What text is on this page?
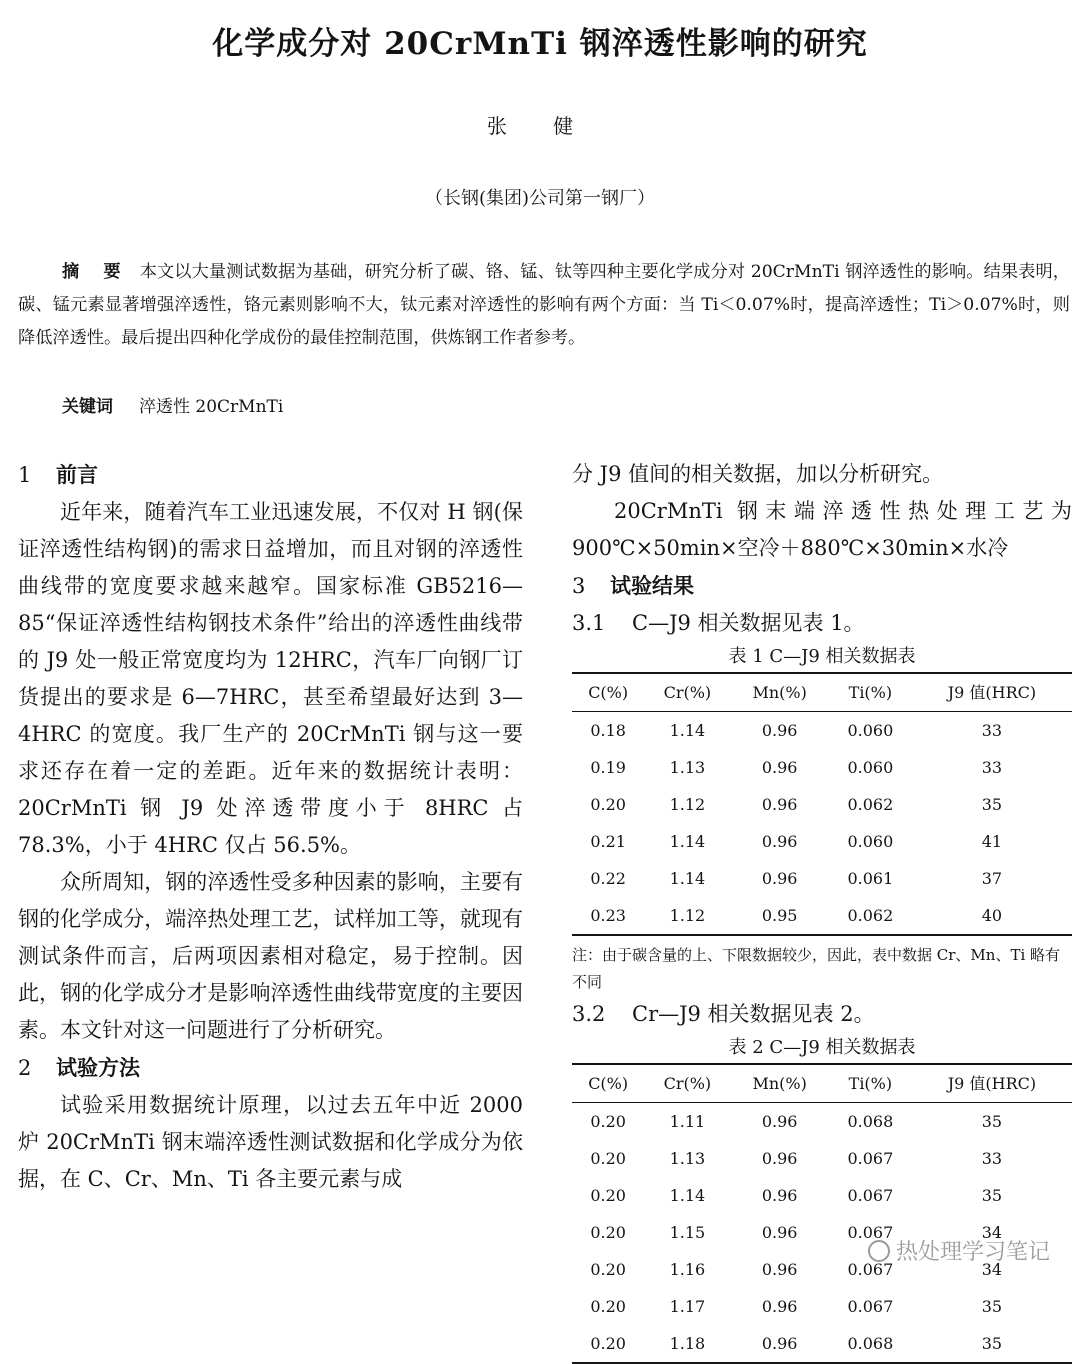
化学成分对 20CrMnTi 钢淬透性影响的研究
张 健
（长钢(集团)公司第一钢厂）
摘 要 本文以大量测试数据为基础，研究分析了碳、铬、锰、钛等四种主要化学成分对 20CrMnTi 钢淬透性的影响。结果表明，碳、锰元素显著增强淬透性，铬元素则影响不大，钛元素对淬透性的影响有两个方面：当 Ti＜0.07%时，提高淬透性；Ti＞0.07%时，则降低淬透性。最后提出四种化学成份的最佳控制范围，供炼钢工作者参考。
关键词 淬透性 20CrMnTi

1 前言

近年来，随着汽车工业迅速发展，不仅对 H 钢(保证淬透性结构钢)的需求日益增加，而且对钢的淬透性曲线带的宽度要求越来越窄。国家标准 GB5216—85“保证淬透性结构钢技术条件”给出的淬透性曲线带的 J9 处一般正常宽度均为 12HRC，汽车厂向钢厂订货提出的要求是 6—7HRC，甚至希望最好达到 3—4HRC 的宽度。我厂生产的 20CrMnTi 钢与这一要求还存在着一定的差距。近年来的数据统计表明：20CrMnTi 钢 J9 处淬透带度小于 8HRC 占 78.3%，小于 4HRC 仅占 56.5%。

众所周知，钢的淬透性受多种因素的影响，主要有钢的化学成分，端淬热处理工艺，试样加工等，就现有测试条件而言，后两项因素相对稳定，易于控制。因此，钢的化学成分才是影响淬透性曲线带宽度的主要因素。本文针对这一问题进行了分析研究。

2 试验方法

试验采用数据统计原理，以过去五年中近 2000 炉 20CrMnTi 钢末端淬透性测试数据和化学成分为依据，在 C、Cr、Mn、Ti 各主要元素与成

分 J9 值间的相关数据，加以分析研究。

20CrMnTi 钢末端淬透性热处理工艺为 900℃×50min×空冷＋880℃×30min×水冷

3 试验结果

3.1 C—J9 相关数据见表 1。

表 1 C—J9 相关数据表
C(%)	Cr(%)	Mn(%)	Ti(%)	J9 值(HRC)
0.18	1.14	0.96	0.060	33
0.19	1.13	0.96	0.060	33
0.20	1.12	0.96	0.062	35
0.21	1.14	0.96	0.060	41
0.22	1.14	0.96	0.061	37
0.23	1.12	0.95	0.062	40
注：由于碳含量的上、下限数据较少，因此，表中数据 Cr、Mn、Ti 略有不同

3.2 Cr—J9 相关数据见表 2。

表 2 C—J9 相关数据表
C(%)	Cr(%)	Mn(%)	Ti(%)	J9 值(HRC)
0.20	1.11	0.96	0.068	35
0.20	1.13	0.96	0.067	33
0.20	1.14	0.96	0.067	35
0.20	1.15	0.96	0.067	34
0.20	1.16	0.96	0.067	34
0.20	1.17	0.96	0.067	35
0.20	1.18	0.96	0.068	35
热处理学习笔记
